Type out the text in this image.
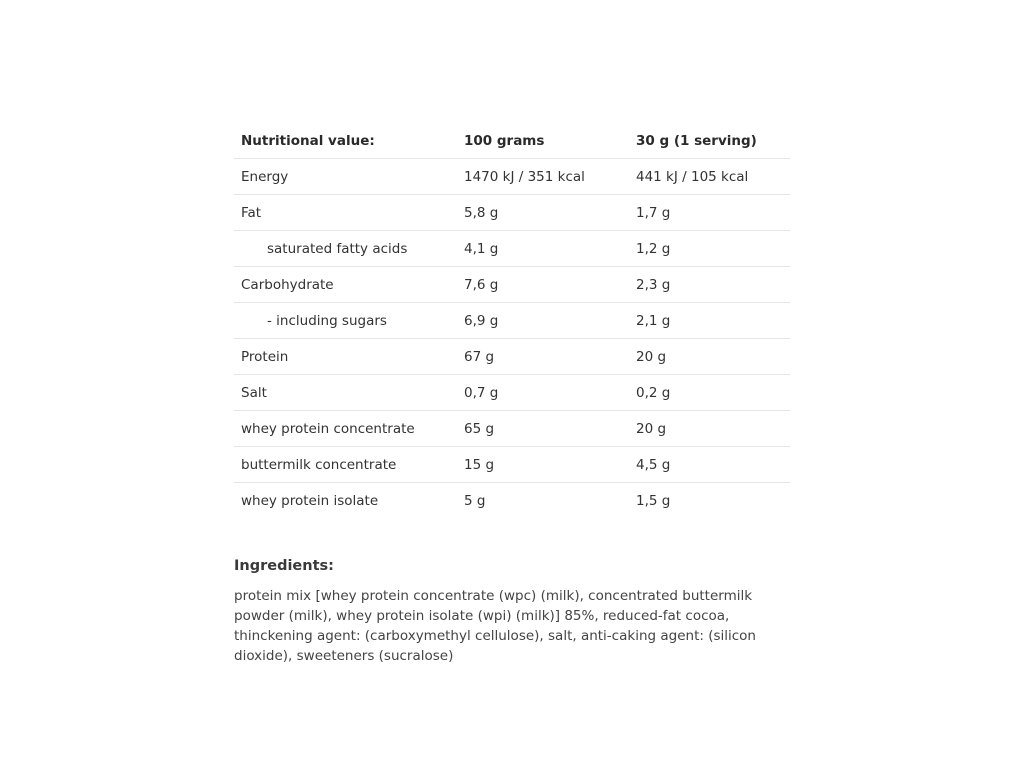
Nutritional value:	100 grams	30 g (1 serving)
Energy	1470 kJ / 351 kcal	441 kJ / 105 kcal
Fat	5,8 g	1,7 g
saturated fatty acids	4,1 g	1,2 g
Carbohydrate	7,6 g	2,3 g
- including sugars	6,9 g	2,1 g
Protein	67 g	20 g
Salt	0,7 g	0,2 g
whey protein concentrate	65 g	20 g
buttermilk concentrate	15 g	4,5 g
whey protein isolate	5 g	1,5 g
Ingredients:
protein mix [whey protein concentrate (wpc) (milk), concentrated buttermilk powder (milk), whey protein isolate (wpi) (milk)] 85%, reduced-fat cocoa, thinckening agent: (carboxymethyl cellulose), salt, anti-caking agent: (silicon dioxide), sweeteners (sucralose)
